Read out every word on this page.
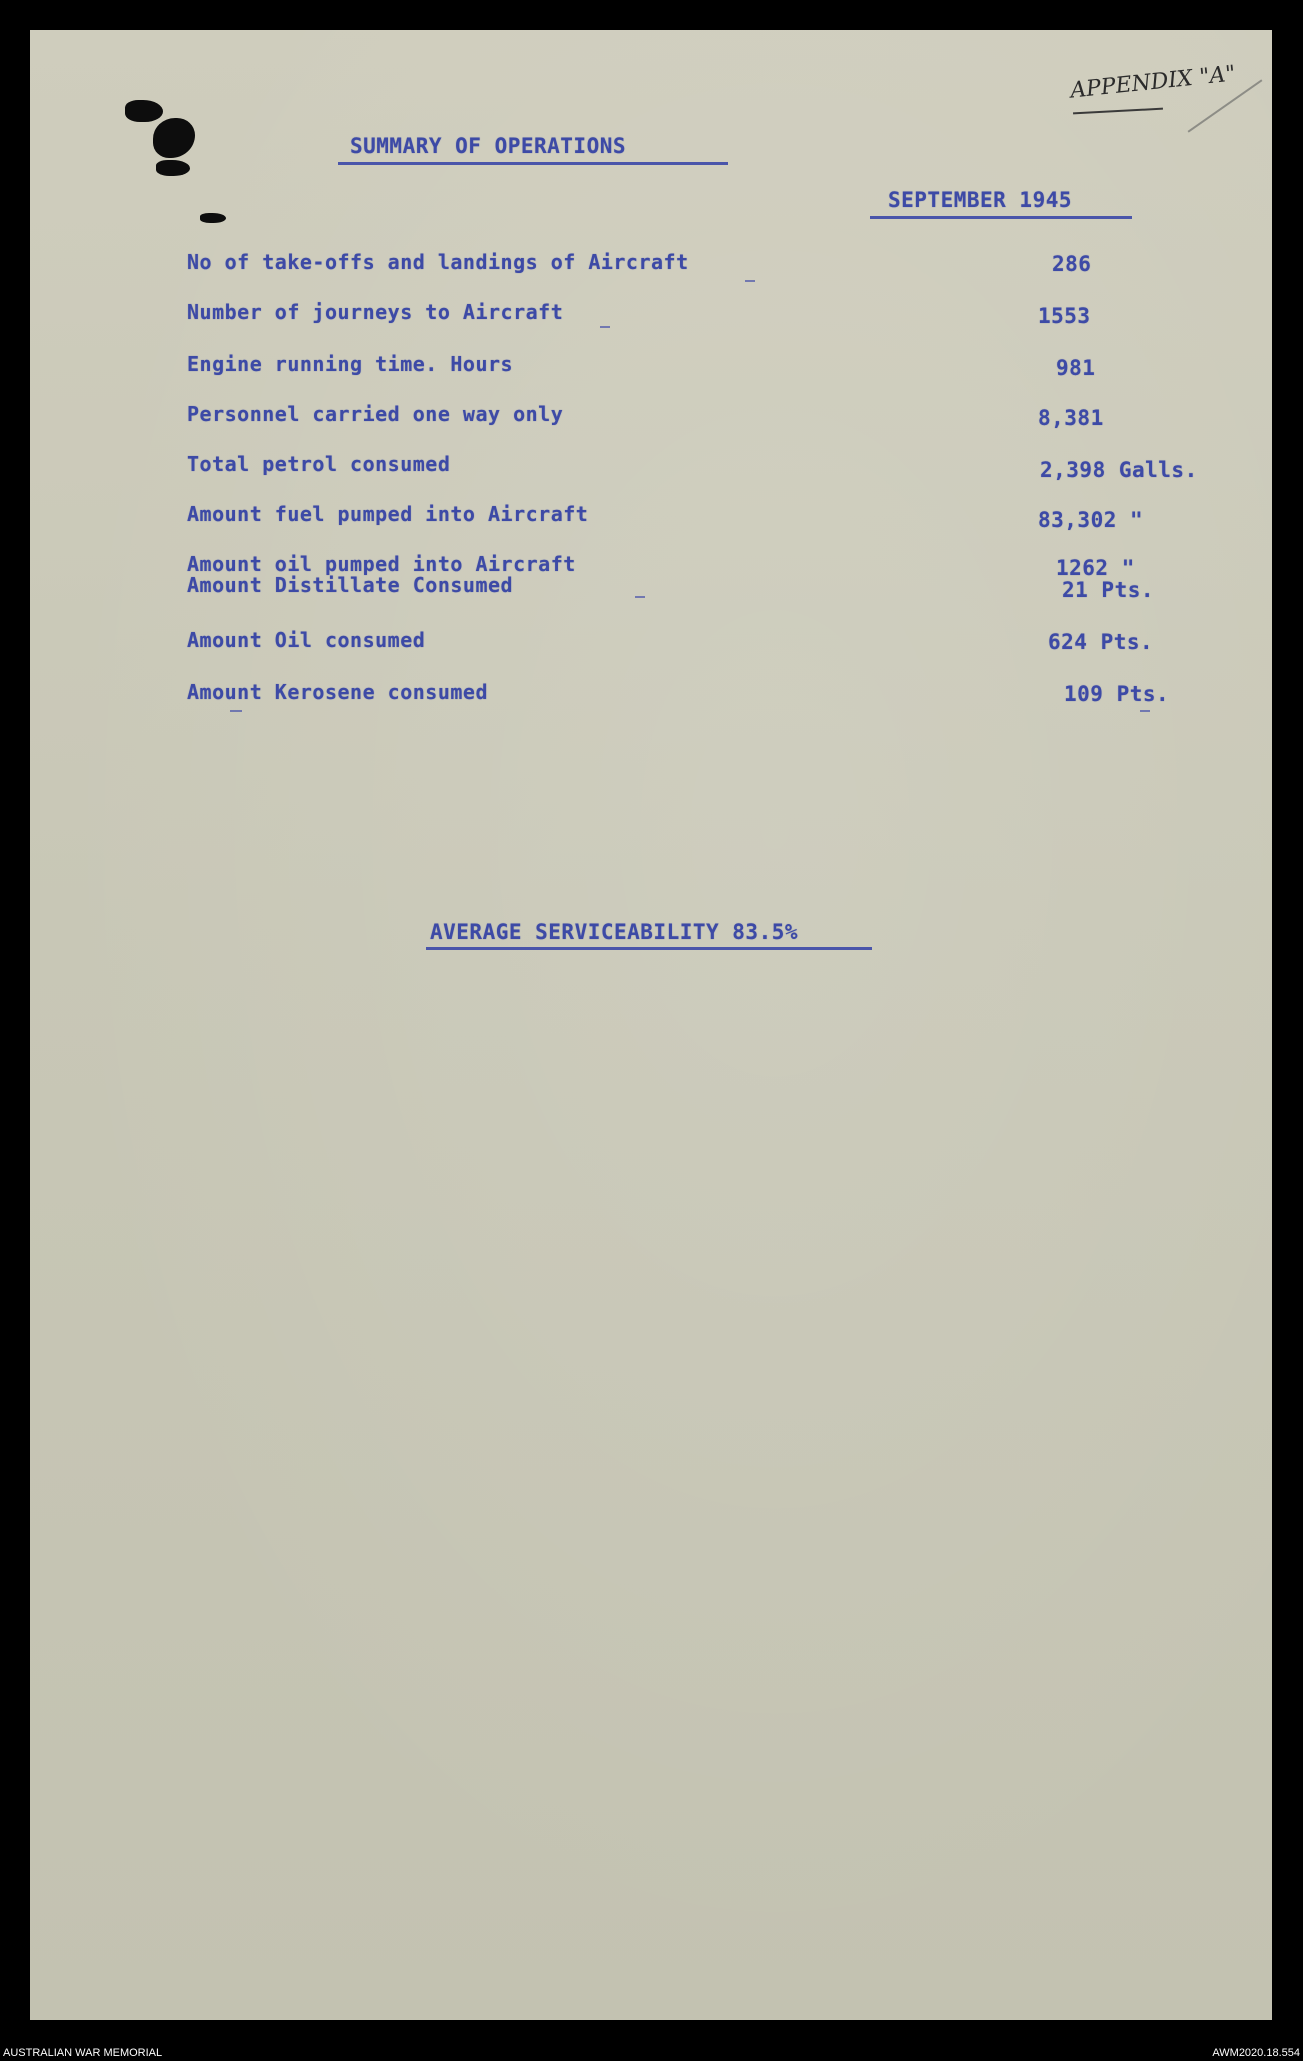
APPENDIX "A"
SUMMARY OF OPERATIONS
SEPTEMBER 1945
No of take-offs and landings of Aircraft	286
Number of journeys to Aircraft	1553
Engine running time. Hours	981
Personnel carried one way only	8,381
Total petrol consumed	2,398 Galls.
Amount fuel pumped into Aircraft	83,302 "
Amount oil pumped into Aircraft	1262 "
Amount Distillate Consumed	21 Pts.
Amount Oil consumed	624 Pts.
Amount Kerosene consumed	109 Pts.
AVERAGE SERVICEABILITY 83.5%
AUSTRALIAN WAR MEMORIAL	AWM2020.18.554
